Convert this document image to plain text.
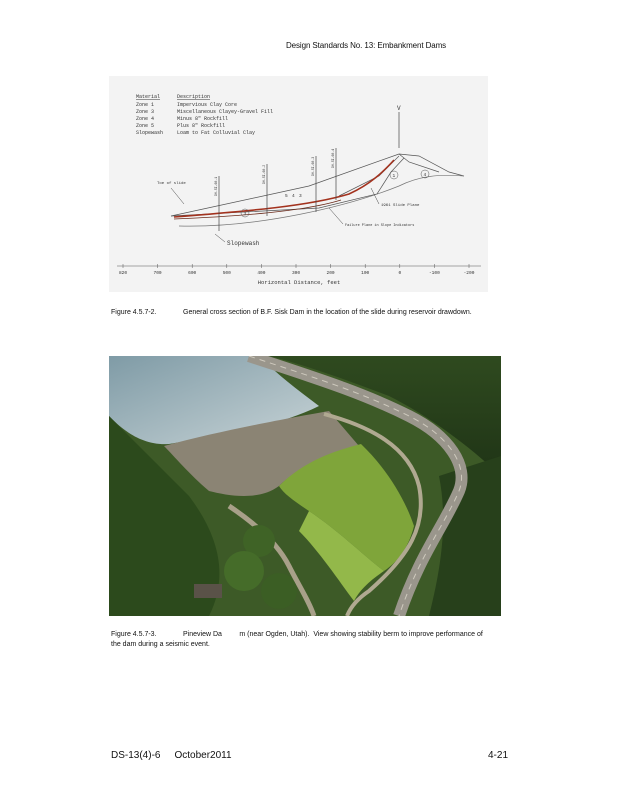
Design Standards No. 13: Embankment Dams
Material	Description
Zone 1	Impervious Clay Core
Zone 3	Miscellaneous Clayey-Gravel Fill
Zone 4	Minus 8" Rockfill
Zone 5	Plus 8" Rockfill
Slopewash	Loam to Fat Colluvial Clay
DH-SI-60-1
DH-SI-60-2	DH-SI-60-3	DH-SI-60-4
V
1	4
3
5 4 3
Toe of slide
1961 Slide Plane
Failure Plane in Slope Indicators
Slopewash
820	700	600	500	400	300	200	100	0	-100	-200
Horizontal Distance, feet
Figure 4.5.7-2.	General cross section of B.F. Sisk Dam in the location of the slide during reservoir drawdown.
Figure 4.5.7-3.	Pineview Da         m (near Ogden, Utah).  View showing stability berm to improve performance of the dam during a seismic event.
DS-13(4)-6 October2011	4-21
